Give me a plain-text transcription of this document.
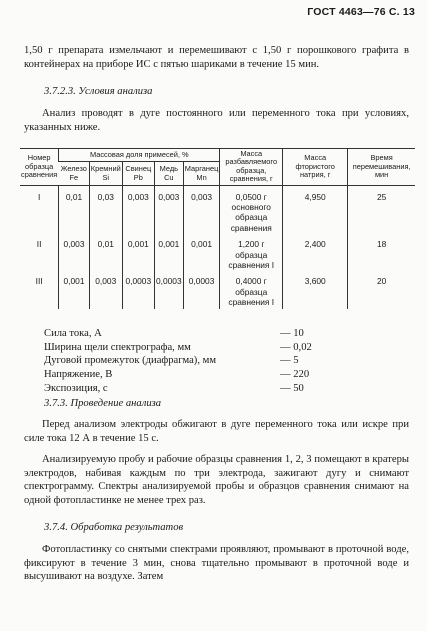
ГОСТ 4463—76 С. 13
1,50 г препарата измельчают и перемешивают с 1,50 г порошкового графита в контейнерах на приборе ИС с пятью шариками в течение 15 мин.
3.7.2.3. Условия анализа
Анализ проводят в дуге постоянного или переменного тока при условиях, указанных ниже.
Номер образца сравнения	Массовая доля примесей, %					Масса разбавляемого образца, сравнения, г	Масса фтористого натрия, г	Время перемешивания, мин
	Железо Fe	Кремний Si	Свинец Pb	Медь Cu	Марганец Mn			
I	0,01	0,03	0,003	0,003	0,003	0,0500 г
основного
образца
сравнения	4,950	25
II	0,003	0,01	0,001	0,001	0,001	1,200 г
образца
сравнения I	2,400	18
III	0,001	0,003	0,0003	0,0003	0,0003	0,4000 г
образца
сравнения I	3,600	20
Сила тока, А	— 10
Ширина щели спектрографа, мм	— 0,02
Дуговой промежуток (диафрагма), мм	— 5
Напряжение, В	— 220
Экспозиция, с	— 50
3.7.3. Проведение анализа
Перед анализом электроды обжигают в дуге переменного тока или искре при силе тока 12 А в течение 15 с.
Анализируемую пробу и рабочие образцы сравнения 1, 2, 3 помещают в кратеры электродов, набивая каждым по три электрода, зажигают дугу и снимают спектрограмму. Спектры анализируемой пробы и образцов сравнения снимают на одной фотопластинке не менее трех раз.
3.7.4. Обработка результатов
Фотопластинку со снятыми спектрами проявляют, промывают в проточной воде, фиксируют в течение 3 мин, снова тщательно промывают в проточной воде и высушивают на воздухе. Затем
